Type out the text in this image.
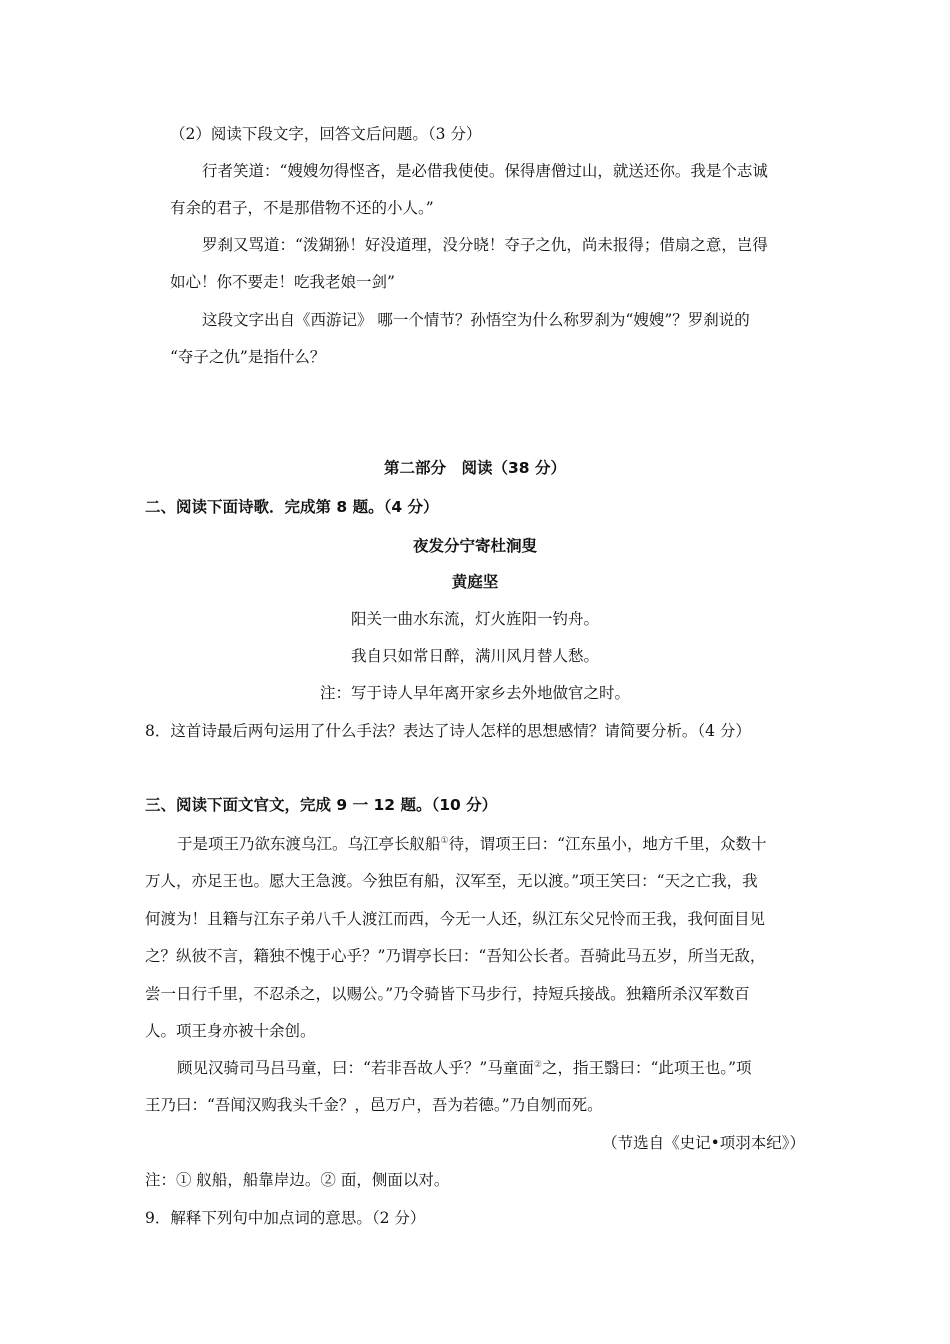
（2）阅读下段文字，回答文后问题。（3 分）
行者笑道：“嫂嫂勿得悭吝，是必借我使使。保得唐僧过山，就送还你。我是个志诚
有余的君子，不是那借物不还的小人。”
罗刹又骂道：“泼猢狲！好没道理，没分晓！夺子之仇，尚未报得；借扇之意，岂得
如心！你不要走！吃我老娘一剑”
这段文字出自《西游记》 哪一个情节？孙悟空为什么称罗刹为“嫂嫂”？罗刹说的
“夺子之仇”是指什么？
第二部分　阅读（38 分）
二、阅读下面诗歌．完成第 8 题。（4 分）
夜发分宁寄杜涧叟
黄庭坚
阳关一曲水东流，灯火旌阳一钓舟。
我自只如常日醉，满川风月替人愁。
注：写于诗人早年离开家乡去外地做官之时。
8．这首诗最后两句运用了什么手法？表达了诗人怎样的思想感情？请简要分析。（4 分）
三、阅读下面文官文，完成 9 一 12 题。（10 分）
于是项王乃欲东渡乌江。乌江亭长舣船①待，谓项王曰：“江东虽小，地方千里，众数十
万人，亦足王也。愿大王急渡。今独臣有船，汉军至，无以渡。”项王笑曰：“天之亡我，我
何渡为！且籍与江东子弟八千人渡江而西，今无一人还，纵江东父兄怜而王我，我何面目见
之？纵彼不言，籍独不愧于心乎？”乃谓亭长曰：“吾知公长者。吾骑此马五岁，所当无敌，
尝一日行千里，不忍杀之，以赐公。”乃令骑皆下马步行，持短兵接战。独籍所杀汉军数百
人。项王身亦被十余创。
顾见汉骑司马吕马童，曰：“若非吾故人乎？”马童面②之，指王翳曰：“此项王也。”项
王乃曰：“吾闻汉购我头千金？，邑万户，吾为若德。”乃自刎而死。
（节选自《史记•项羽本纪》）
注：① 舣船，船靠岸边。② 面，侧面以对。
9．解释下列句中加点词的意思。（2 分）
